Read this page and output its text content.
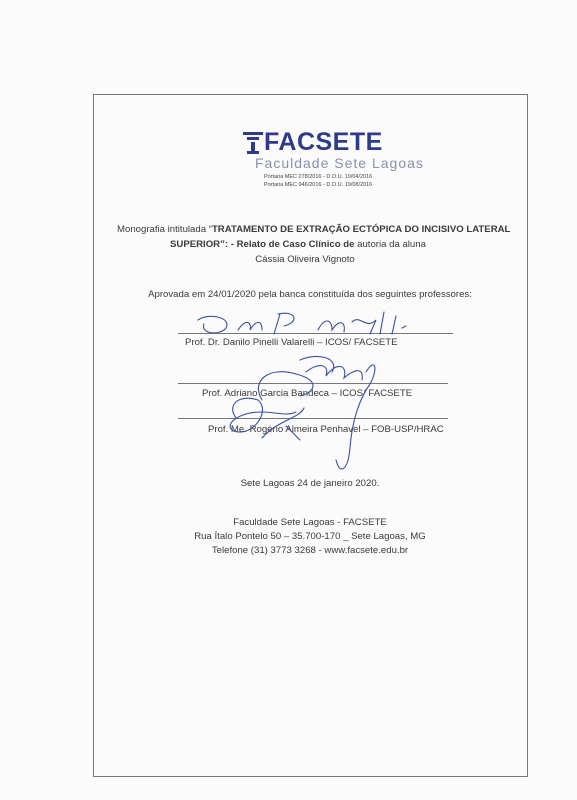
FACSETE
Faculdade Sete Lagoas
Portaria MEC 278/2016 - D.O.U. 19/04/2016
Portaria MEC 946/2016 - D.O.U. 19/08/2016
Monografia intitulada “TRATAMENTO DE EXTRAÇÃO ECTÓPICA DO INCISIVO LATERAL
SUPERIOR”: - Relato de Caso Clínico de autoria da aluna
Cássia Oliveira Vignoto
Aprovada em 24/01/2020 pela banca constituída dos seguintes professores:
Prof. Dr. Danilo Pinelli Valarelli – ICOS/ FACSETE
Prof. Adriano Garcia Bandeca – ICOS/ FACSETE
Prof. Me. Rogério Almeira Penhavel – FOB-USP/HRAC
Sete Lagoas 24 de janeiro 2020.
Faculdade Sete Lagoas - FACSETE
Rua Ítalo Pontelo 50 – 35.700-170 _ Sete Lagoas, MG
Telefone (31) 3773 3268 - www.facsete.edu.br
